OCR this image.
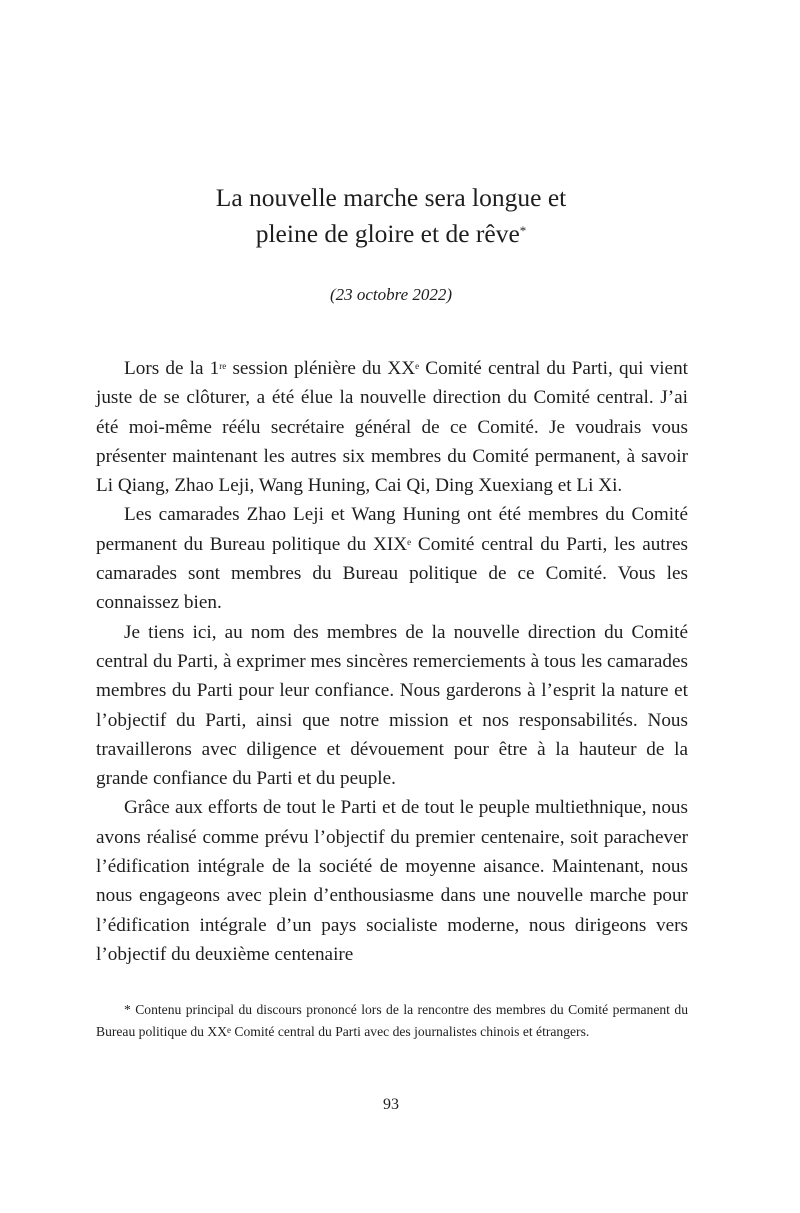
La nouvelle marche sera longue et
pleine de gloire et de rêve*

(23 octobre 2022)

Lors de la 1re session plénière du XXe Comité central du Parti, qui vient juste de se clôturer, a été élue la nouvelle direction du Comité central. J’ai été moi-même réélu secrétaire général de ce Comité. Je voudrais vous présenter maintenant les autres six membres du Comité permanent, à savoir Li Qiang, Zhao Leji, Wang Huning, Cai Qi, Ding Xuexiang et Li Xi.

Les camarades Zhao Leji et Wang Huning ont été membres du Comité permanent du Bureau politique du XIXe Comité central du Parti, les autres camarades sont membres du Bureau politique de ce Comité. Vous les connaissez bien.

Je tiens ici, au nom des membres de la nouvelle direction du Comité central du Parti, à exprimer mes sincères remerciements à tous les camarades membres du Parti pour leur confiance. Nous garderons à l’esprit la nature et l’objectif du Parti, ainsi que notre mission et nos responsabilités. Nous travaillerons avec diligence et dévouement pour être à la hauteur de la grande confiance du Parti et du peuple.

Grâce aux efforts de tout le Parti et de tout le peuple multiethnique, nous avons réalisé comme prévu l’objectif du premier centenaire, soit parachever l’édification intégrale de la société de moyenne aisance. Maintenant, nous nous engageons avec plein d’enthousiasme dans une nouvelle marche pour l’édification intégrale d’un pays socialiste moderne, nous dirigeons vers l’objectif du deuxième centenaire

* Contenu principal du discours prononcé lors de la rencontre des membres du Comité permanent du Bureau politique du XXe Comité central du Parti avec des journalistes chinois et étrangers.
93
